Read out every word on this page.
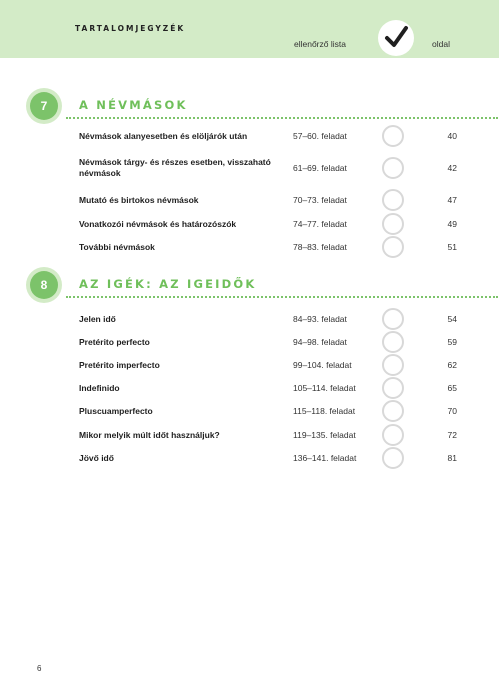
TARTALOMJEGYZÉK
ellenőrző lista	oldal
7	A NÉVMÁSOK
Névmások alanyesetben és elöljárók után	57–60. feladat	40
Névmások tárgy- és részes esetben, visszaható névmások	61–69. feladat	42
Mutató és birtokos névmások	70–73. feladat	47
Vonatkozói névmások és határozószók	74–77. feladat	49
További névmások	78–83. feladat	51
8	AZ IGÉK: AZ IGEIDŐK
Jelen idő	84–93. feladat	54
Pretérito perfecto	94–98. feladat	59
Pretérito imperfecto	99–104. feladat	62
Indefinido	105–114. feladat	65
Pluscuamperfecto	115–118. feladat	70
Mikor melyik múlt időt használjuk?	119–135. feladat	72
Jövő idő	136–141. feladat	81
6
